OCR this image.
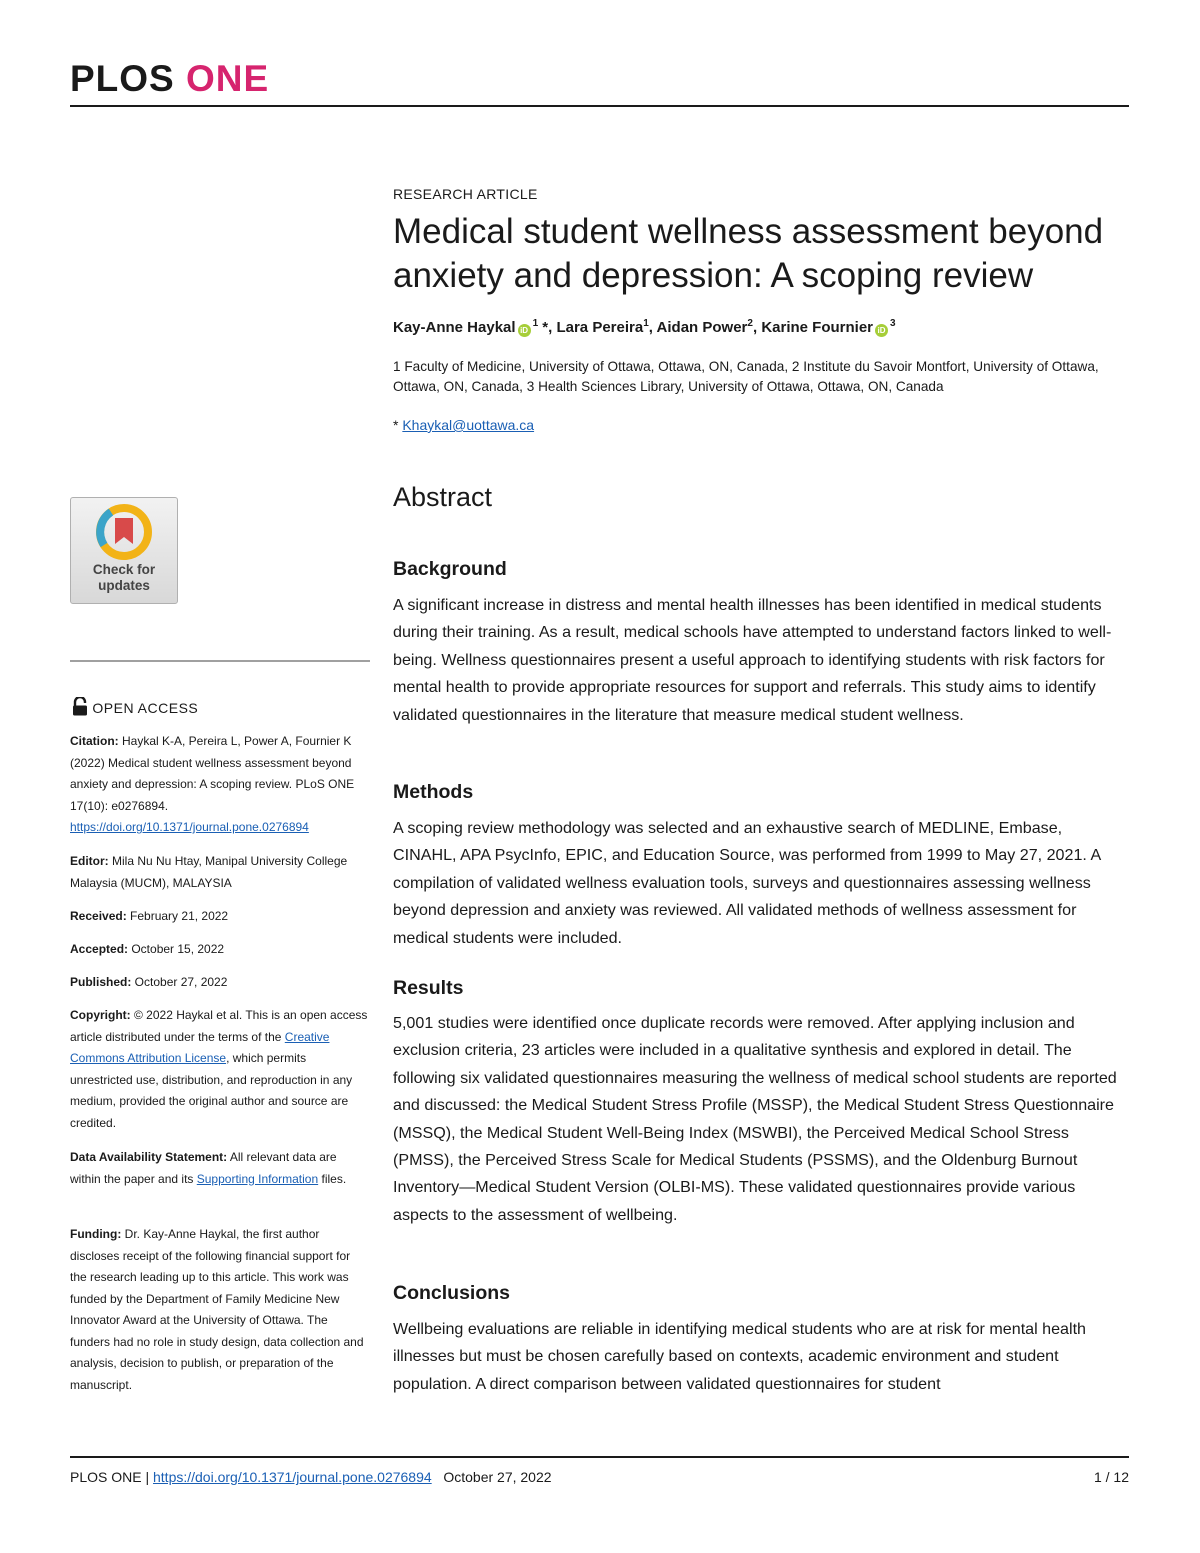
PLOS ONE
RESEARCH ARTICLE
Medical student wellness assessment beyond anxiety and depression: A scoping review
Kay-Anne Haykal $iD^1$ *, Lara Pereira$^1$, Aidan Power$^2$, Karine Fournier $iD^3$
1 Faculty of Medicine, University of Ottawa, Ottawa, ON, Canada, 2 Institute du Savoir Montfort, University of Ottawa, Ottawa, ON, Canada, 3 Health Sciences Library, University of Ottawa, Ottawa, ON, Canada
* Khaykal@uottawa.ca
Abstract
Background
A significant increase in distress and mental health illnesses has been identified in medical students during their training. As a result, medical schools have attempted to understand factors linked to well-being. Wellness questionnaires present a useful approach to identifying students with risk factors for mental health to provide appropriate resources for support and referrals. This study aims to identify validated questionnaires in the literature that measure medical student wellness.
Methods
A scoping review methodology was selected and an exhaustive search of MEDLINE, Embase, CINAHL, APA PsycInfo, EPIC, and Education Source, was performed from 1999 to May 27, 2021. A compilation of validated wellness evaluation tools, surveys and questionnaires assessing wellness beyond depression and anxiety was reviewed. All validated methods of wellness assessment for medical students were included.
Results
5,001 studies were identified once duplicate records were removed. After applying inclusion and exclusion criteria, 23 articles were included in a qualitative synthesis and explored in detail. The following six validated questionnaires measuring the wellness of medical school students are reported and discussed: the Medical Student Stress Profile (MSSP), the Medical Student Stress Questionnaire (MSSQ), the Medical Student Well-Being Index (MSWBI), the Perceived Medical School Stress (PMSS), the Perceived Stress Scale for Medical Students (PSSMS), and the Oldenburg Burnout Inventory—Medical Student Version (OLBI-MS). These validated questionnaires provide various aspects to the assessment of wellbeing.
Conclusions
Wellbeing evaluations are reliable in identifying medical students who are at risk for mental health illnesses but must be chosen carefully based on contexts, academic environment and student population. A direct comparison between validated questionnaires for student
Check for
updates
OPEN ACCESS
Citation: Haykal K-A, Pereira L, Power A, Fournier K (2022) Medical student wellness assessment beyond anxiety and depression: A scoping review. PLoS ONE 17(10): e0276894. https://doi.org/10.1371/journal.pone.0276894
Editor: Mila Nu Nu Htay, Manipal University College Malaysia (MUCM), MALAYSIA
Received: February 21, 2022
Accepted: October 15, 2022
Published: October 27, 2022
Copyright: © 2022 Haykal et al. This is an open access article distributed under the terms of the Creative Commons Attribution License, which permits unrestricted use, distribution, and reproduction in any medium, provided the original author and source are credited.
Data Availability Statement: All relevant data are within the paper and its Supporting Information files.
Funding: Dr. Kay-Anne Haykal, the first author discloses receipt of the following financial support for the research leading up to this article. This work was funded by the Department of Family Medicine New Innovator Award at the University of Ottawa. The funders had no role in study design, data collection and analysis, decision to publish, or preparation of the manuscript.
PLOS ONE | https://doi.org/10.1371/journal.pone.0276894 October 27, 2022	1 / 12
